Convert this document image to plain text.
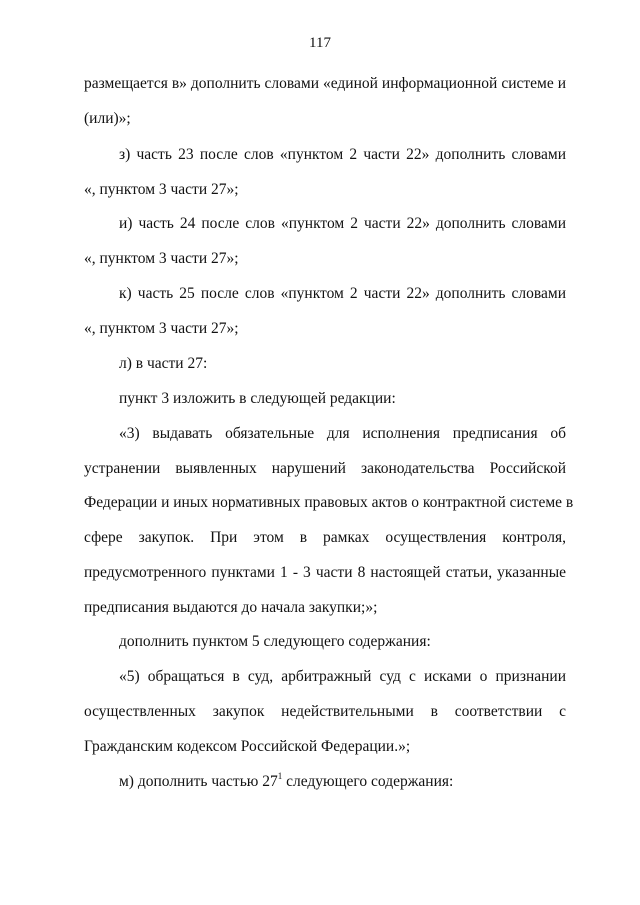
117
размещается в» дополнить словами «единой информационной системе и
(или)»;
з) часть 23 после слов «пунктом 2 части 22» дополнить словами
«, пунктом 3 части 27»;
и) часть 24 после слов «пунктом 2 части 22» дополнить словами
«, пунктом 3 части 27»;
к) часть 25 после слов «пунктом 2 части 22» дополнить словами
«, пунктом 3 части 27»;
л) в части 27:
пункт 3 изложить в следующей редакции:
«3) выдавать обязательные для исполнения предписания об
устранении выявленных нарушений законодательства Российской
Федерации и иных нормативных правовых актов о контрактной системе в
сфере закупок. При этом в рамках осуществления контроля,
предусмотренного пунктами 1 - 3 части 8 настоящей статьи, указанные
предписания выдаются до начала закупки;»;
дополнить пунктом 5 следующего содержания:
«5) обращаться в суд, арбитражный суд с исками о признании
осуществленных закупок недействительными в соответствии с
Гражданским кодексом Российской Федерации.»;
м) дополнить частью $27^1$ следующего содержания:
